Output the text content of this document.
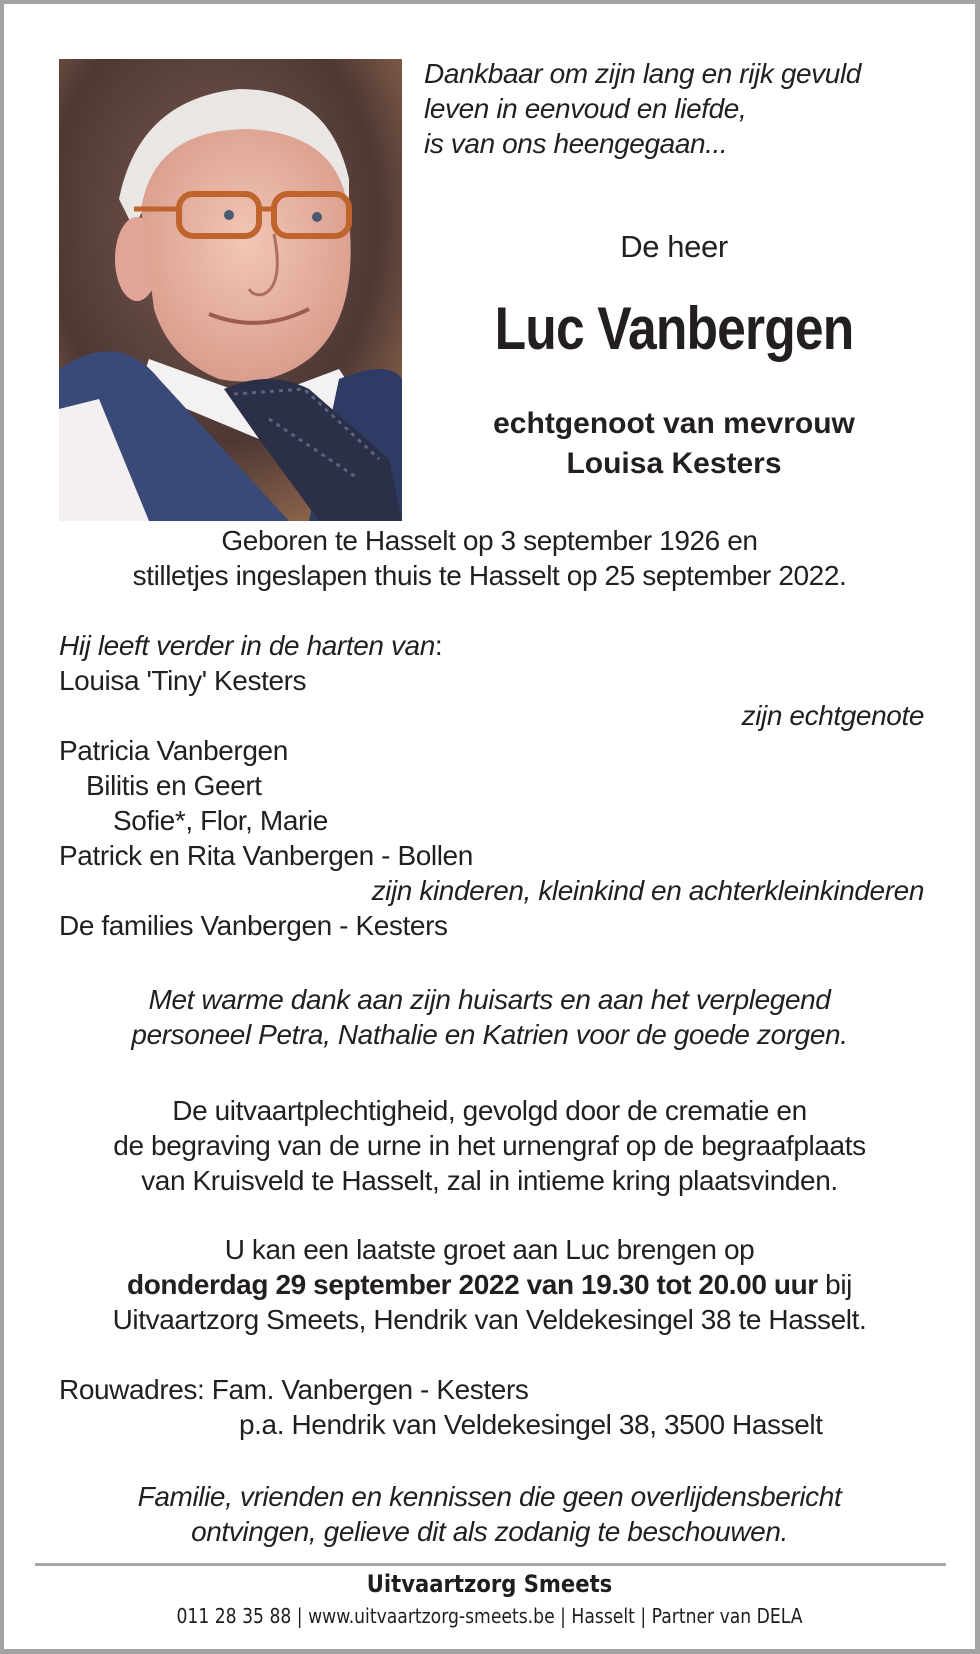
Dankbaar om zijn lang en rijk gevuld
leven in eenvoud en liefde,
is van ons heengegaan...
De heer
Luc Vanbergen
echtgenoot van mevrouw
Louisa Kesters
Geboren te Hasselt op 3 september 1926 en
stilletjes ingeslapen thuis te Hasselt op 25 september 2022.
Hij leeft verder in de harten van:
Louisa 'Tiny' Kesters
zijn echtgenote
Patricia Vanbergen
Bilitis en Geert
Sofie*, Flor, Marie
Patrick en Rita Vanbergen - Bollen
zijn kinderen, kleinkind en achterkleinkinderen
De families Vanbergen - Kesters
Met warme dank aan zijn huisarts en aan het verplegend
personeel Petra, Nathalie en Katrien voor de goede zorgen.
De uitvaartplechtigheid, gevolgd door de crematie en
de begraving van de urne in het urnengraf op de begraafplaats
van Kruisveld te Hasselt, zal in intieme kring plaatsvinden.
U kan een laatste groet aan Luc brengen op
donderdag 29 september 2022 van 19.30 tot 20.00 uur bij
Uitvaartzorg Smeets, Hendrik van Veldekesingel 38 te Hasselt.
Rouwadres: Fam. Vanbergen - Kesters
p.a. Hendrik van Veldekesingel 38, 3500 Hasselt
Familie, vrienden en kennissen die geen overlijdensbericht
ontvingen, gelieve dit als zodanig te beschouwen.
Uitvaartzorg Smeets
011 28 35 88 | www.uitvaartzorg-smeets.be | Hasselt | Partner van DELA
